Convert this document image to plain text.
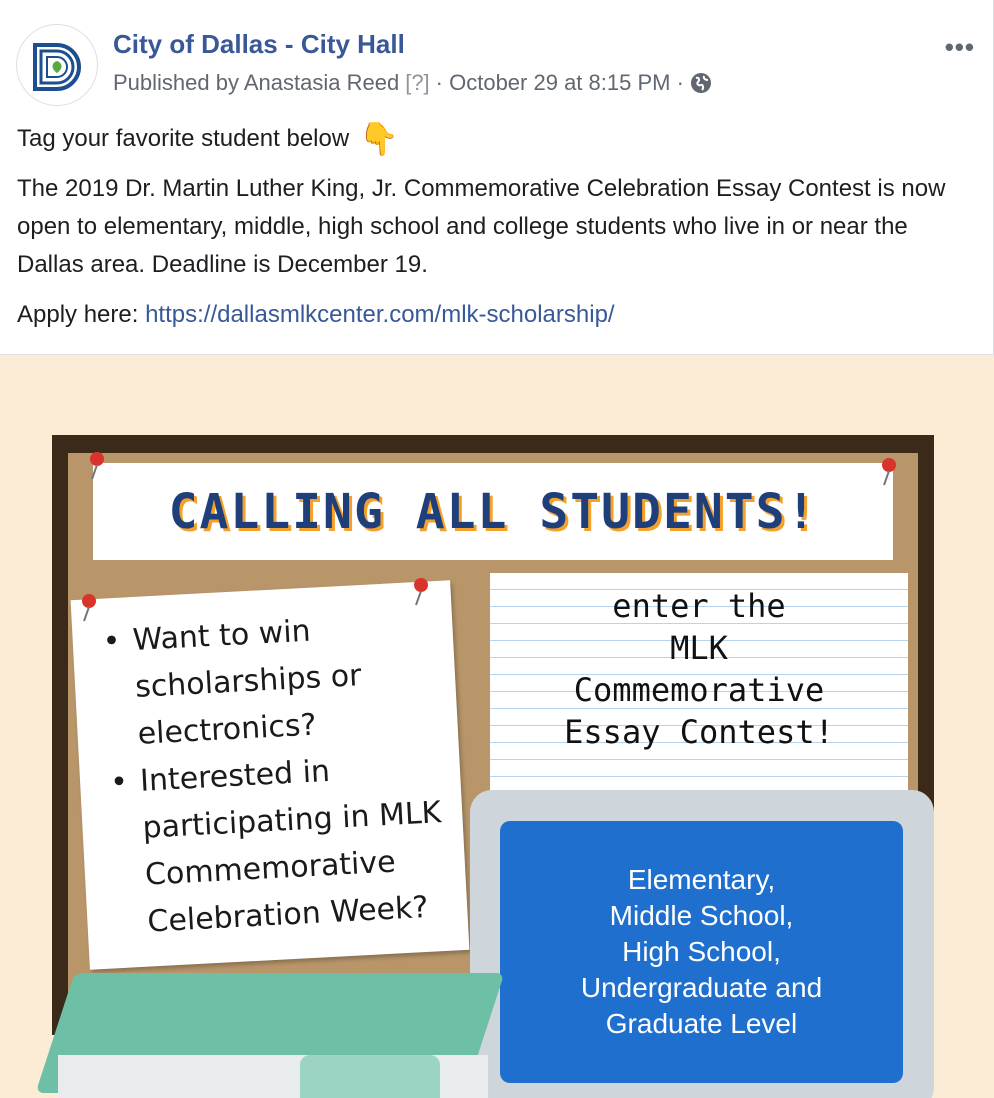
City of Dallas - City Hall
Published by Anastasia Reed [?] · October 29 at 8:15 PM ·
•••
Tag your favorite student below 👆
The 2019 Dr. Martin Luther King, Jr. Commemorative Celebration Essay Contest is now open to elementary, middle, high school and college students who live in or near the Dallas area. Deadline is December 19.
Apply here: https://dallasmlkcenter.com/mlk-scholarship/
CALLING ALL STUDENTS!
• Want to win scholarships or electronics?
• Interested in participating in MLK Commemorative Celebration Week?
enter the
MLK
Commemorative
Essay Contest!
Elementary,
Middle School,
High School,
Undergraduate and
Graduate Level
